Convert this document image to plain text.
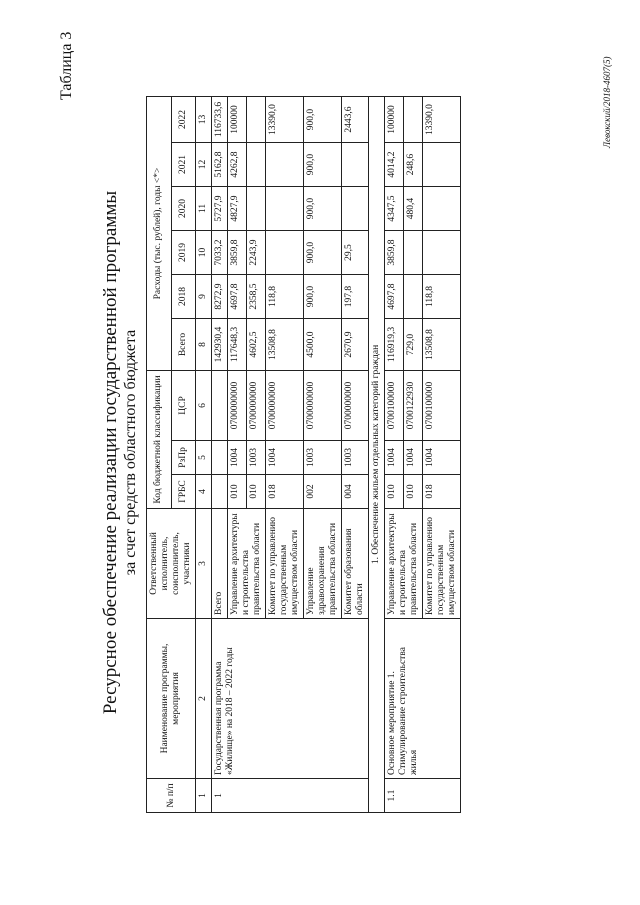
Таблица 3
Ресурсное обеспечение реализации государственной программы за счет средств областного бюджета
№ п/п	Наименование программы, мероприятия	Ответственный исполнитель, соисполнитель, участники	Код бюджетной классификации			Расходы (тыс. рублей), годы <*>					
			ГРБС	РзПр	ЦСР	Всего	2018	2019	2020	2021	2022
1	2	3	4	5	6	8	9	10	11	12	13
1	Государственная программа «Жилище» на 2018 – 2022 годы	Всего				142930,4	8272,9	7033,2	5727,9	5162,8	116733,6
		Управление архитектуры и строительства правительства области	010	1004	0700000000	117648,3	4697,8	3859,8	4827,9	4262,8	100000
			010	1003	0700000000	4602,5	2358,5	2243,9			
		Комитет по управлению государственным имуществом области	018	1004	0700000000	13508,8	118,8				13390,0
		Управление здравоохранения правительства области	002	1003	0700000000	4500,0	900,0	900,0	900,0	900,0	900,0
		Комитет образования области	004	1003	0700000000	2670,9	197,8	29,5			2443,6
1. Обеспечение жильем отдельных категорий граждан											
1.1	Основное мероприятие 1. Стимулирование строительства жилья	Управление архитектуры и строительства правительства области	010	1004	0700100000	116919,3	4697,8	3859,8	4347,5	4014,2	100000
			010	1004	0700122930	729,0			480,4	248,6	
		Комитет по управлению государственным имуществом области	018	1004	0700100000	13508,8	118,8				13390,0	Левокский/2018-4607(5)
